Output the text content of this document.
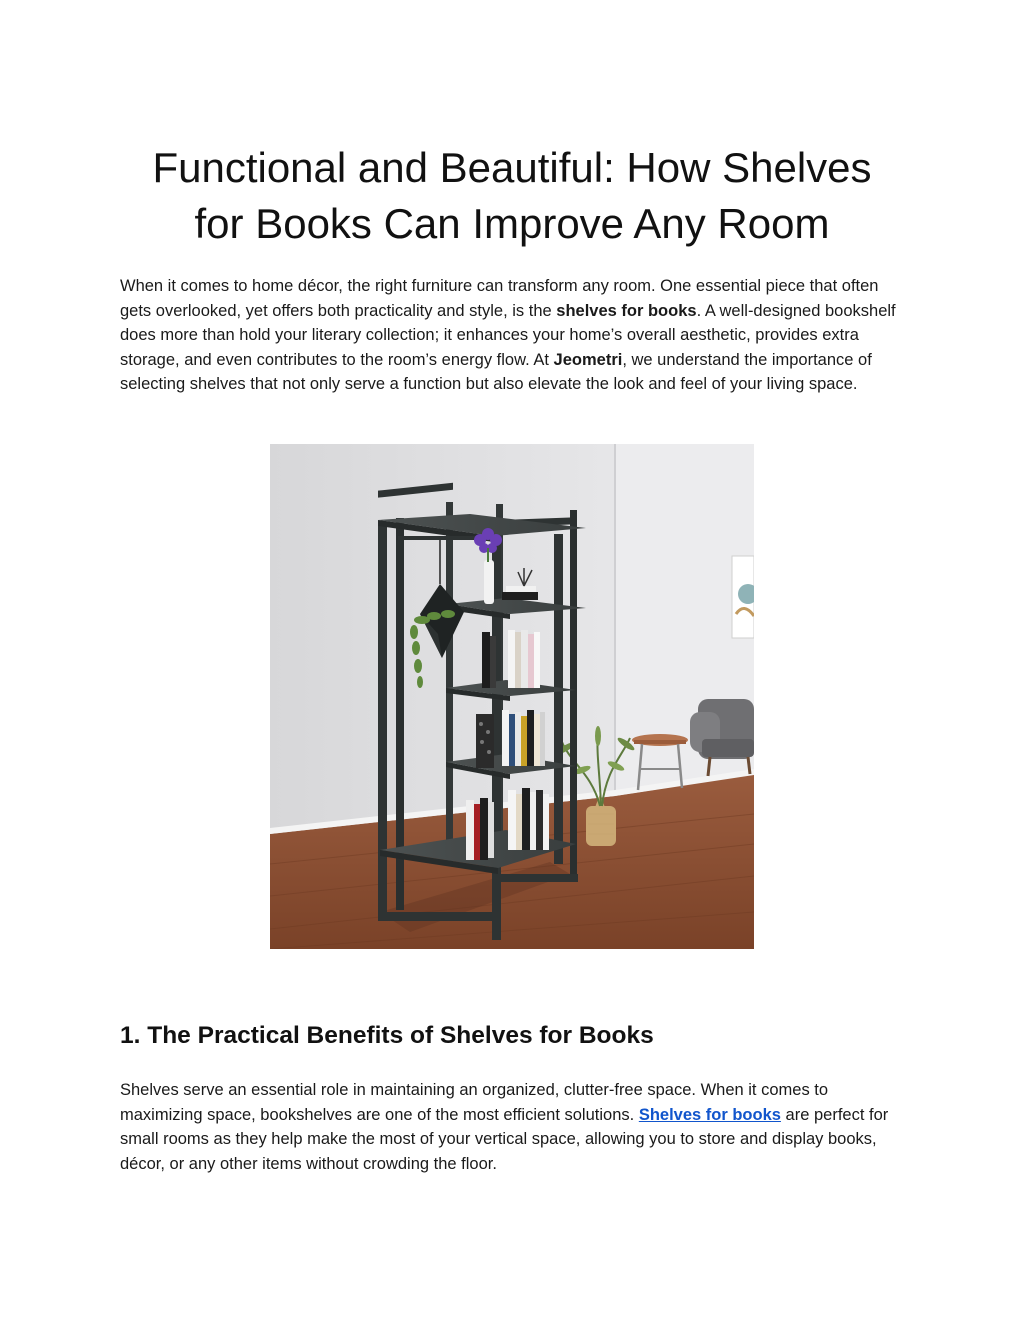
Functional and Beautiful: How Shelves
for Books Can Improve Any Room

When it comes to home décor, the right furniture can transform any room. One essential piece that often gets overlooked, yet offers both practicality and style, is the shelves for books. A well-designed bookshelf does more than hold your literary collection; it enhances your home’s overall aesthetic, provides extra storage, and even contributes to the room’s energy flow. At Jeometri, we understand the importance of selecting shelves that not only serve a function but also elevate the look and feel of your living space.

1. The Practical Benefits of Shelves for Books

Shelves serve an essential role in maintaining an organized, clutter-free space. When it comes to maximizing space, bookshelves are one of the most efficient solutions. Shelves for books are perfect for small rooms as they help make the most of your vertical space, allowing you to store and display books, décor, or any other items without crowding the floor.
